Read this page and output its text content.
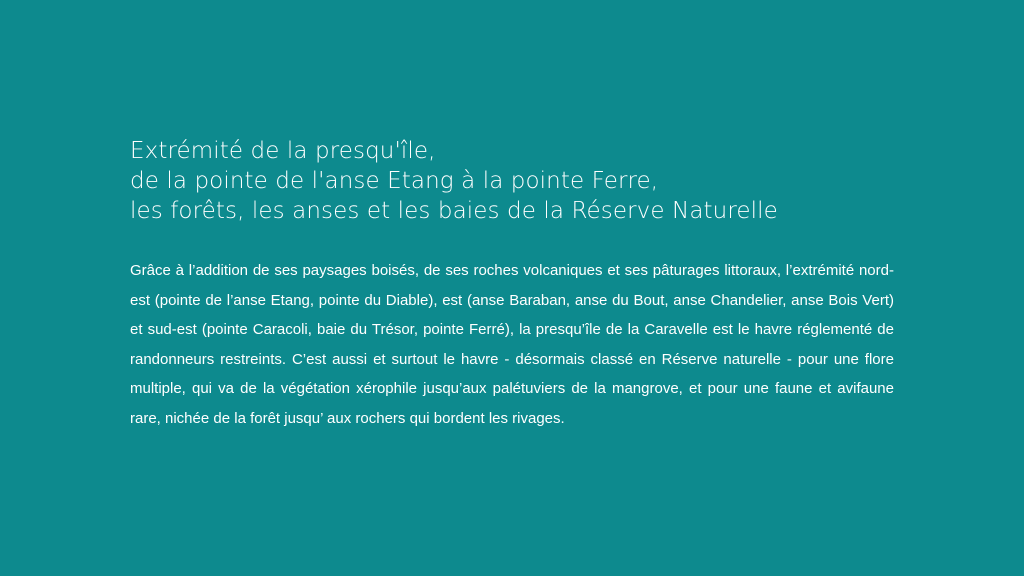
Extrémité de la presqu'île,
de la pointe de l'anse Etang à la pointe Ferre,
les forêts, les anses et les baies de la Réserve Naturelle

Grâce à l’addition de ses paysages boisés, de ses roches volcaniques et ses pâturages littoraux, l’extrémité nord-est (pointe de l’anse Etang, pointe du Diable), est (anse Baraban, anse du Bout, anse Chandelier, anse Bois Vert) et sud-est (pointe Caracoli, baie du Trésor, pointe Ferré), la presqu’île de la Caravelle est le havre réglementé de randonneurs restreints. C’est aussi et surtout le havre - désormais classé en Réserve naturelle - pour une flore multiple, qui va de la végétation xérophile jusqu’aux palétuviers de la mangrove, et pour une faune et avifaune rare, nichée de la forêt jusqu’ aux rochers qui bordent les rivages.
